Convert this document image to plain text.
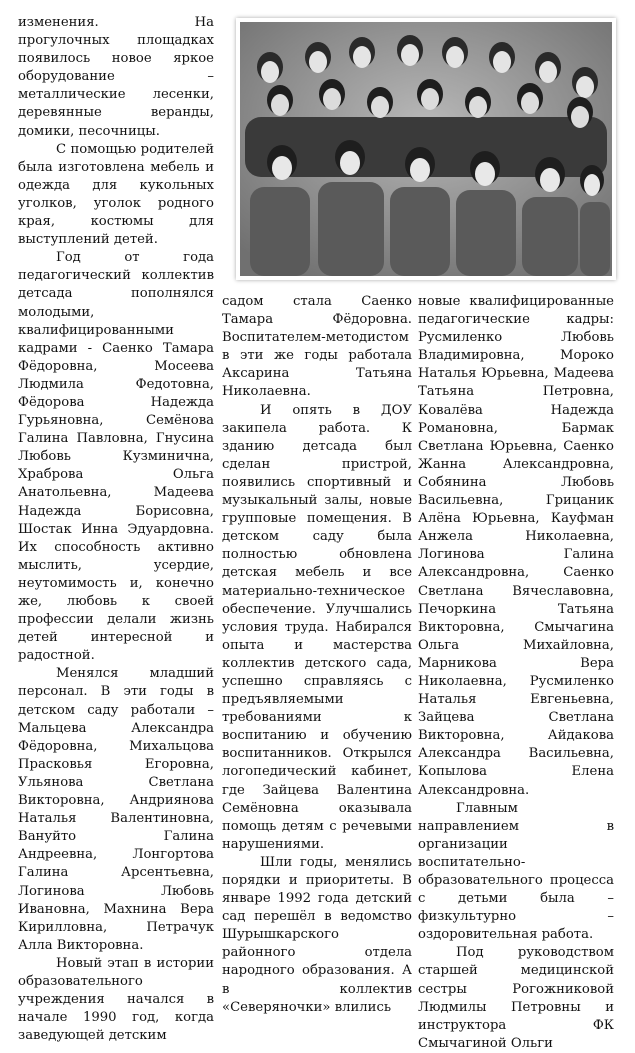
изменения. На прогулочных площадках появилось новое яркое оборудование – металлические лесенки, деревянные веранды, домики, песочницы.

С помощью родителей была изготовлена мебель и одежда для кукольных уголков, уголок родного края, костюмы для выступлений детей.

Год от года педагогический коллектив детсада пополнялся молодыми, квалифицированными кадрами - Саенко Тамара Фёдоровна, Мосеева Людмила Федотовна, Фёдорова Надежда Гурьяновна, Семёнова Галина Павловна, Гнусина Любовь Кузминична, Храброва Ольга Анатольевна, Мадеева Надежда Борисовна, Шостак Инна Эдуардовна. Их способность активно мыслить, усердие, неутомимость и, конечно же, любовь к своей профессии делали жизнь детей интересной и радостной.

Менялся младший персонал. В эти годы в детском саду работали – Мальцева Александра Фёдоровна, Михальцова Прасковья Егоровна, Ульянова Светлана Викторовна, Андриянова Наталья Валентиновна, Вануйто Галина Андреевна, Лонгортова Галина Арсентьевна, Логинова Любовь Ивановна, Махнина Вера Кирилловна, Петрачук Алла Викторовна.

Новый этап в истории образовательного учреждения начался в начале 1990 год, когда заведующей детским

садом стала Саенко Тамара Фёдоровна. Воспитателем-методистом в эти же годы работала Аксарина Татьяна Николаевна.

И опять в ДОУ закипела работа. К зданию детсада был сделан пристрой, появились спортивный и музыкальный залы, новые групповые помещения. В детском саду была полностью обновлена детская мебель и все материально-техническое обеспечение. Улучшались условия труда. Набирался опыта и мастерства коллектив детского сада, успешно справляясь с предъявляемыми требованиями к воспитанию и обучению воспитанников. Открылся логопедический кабинет, где Зайцева Валентина Семёновна оказывала помощь детям с речевыми нарушениями.

Шли годы, менялись порядки и приоритеты. В январе 1992 года детский сад перешёл в ведомство Шурышкарского районного отдела народного образования. А в коллектив «Северяночки» влились

новые квалифицированные педагогические кадры: Русмиленко Любовь Владимировна, Мороко Наталья Юрьевна, Мадеева Татьяна Петровна, Ковалёва Надежда Романовна, Бармак Светлана Юрьевна, Саенко Жанна Александровна, Собянина Любовь Васильевна, Грицаник Алёна Юрьевна, Кауфман Анжела Николаевна, Логинова Галина Александровна, Саенко Светлана Вячеславовна, Печоркина Татьяна Викторовна, Смычагина Ольга Михайловна, Марникова Вера Николаевна, Русмиленко Наталья Евгеньевна, Зайцева Светлана Викторовна, Айдакова Александра Васильевна, Копылова Елена Александровна.

Главным направлением в организации воспитательно-образовательного процесса с детьми была – физкультурно – оздоровительная работа.

Под руководством старшей медицинской сестры Рогожниковой Людмилы Петровны и инструктора ФК Смычагиной Ольги
